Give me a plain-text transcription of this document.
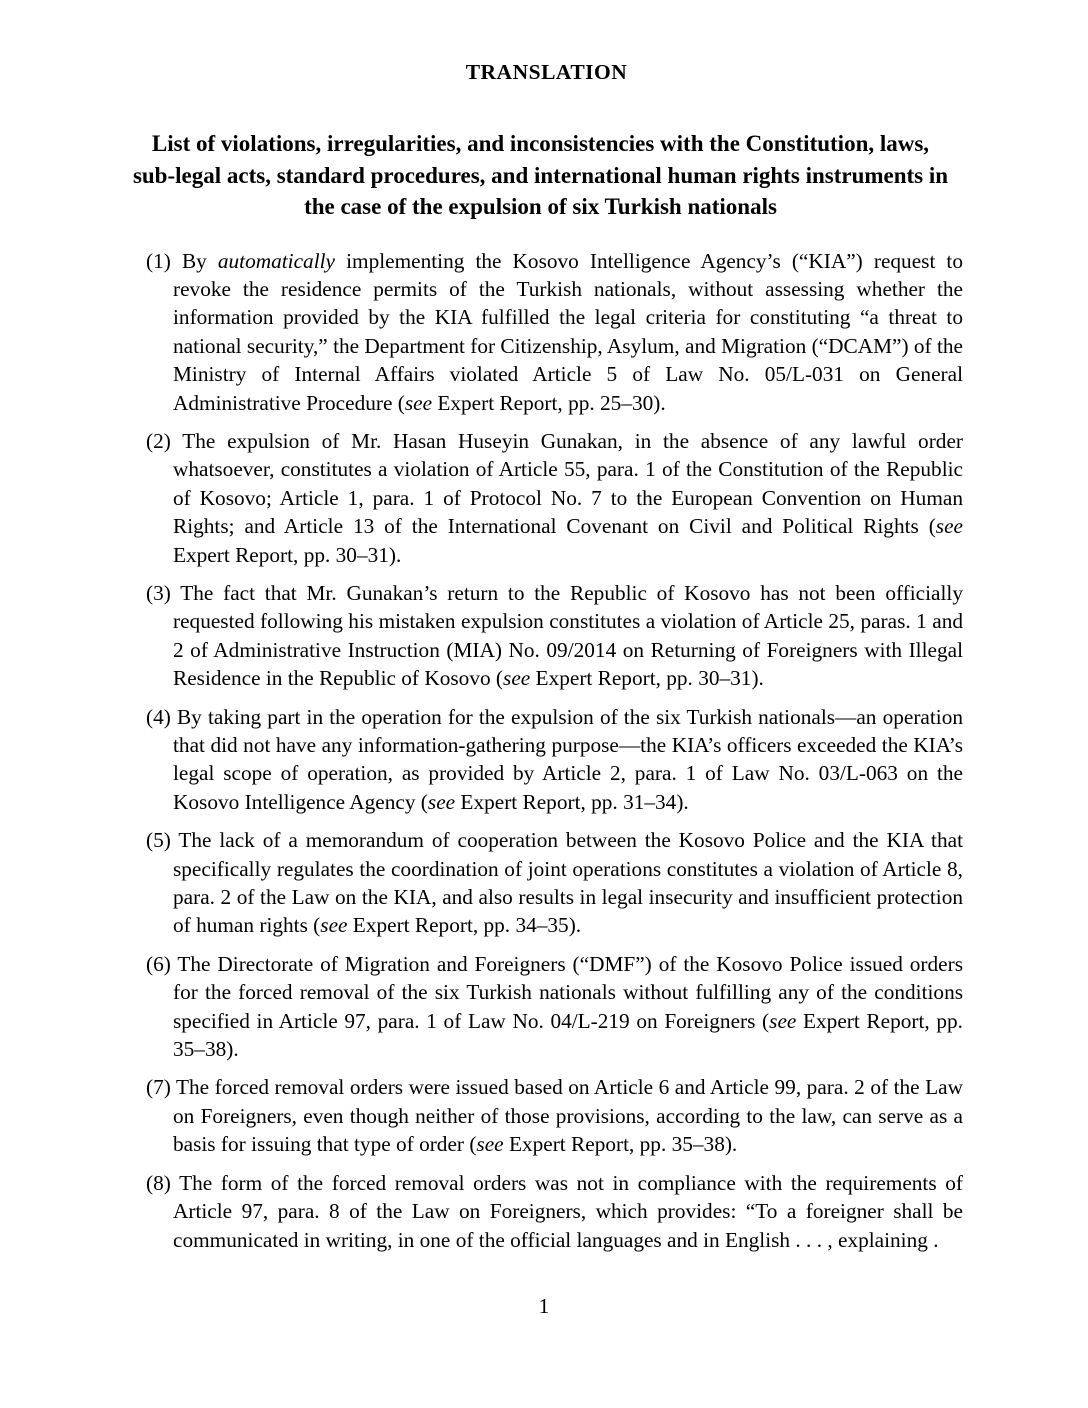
TRANSLATION
List of violations, irregularities, and inconsistencies with the Constitution, laws, sub-legal acts, standard procedures, and international human rights instruments in the case of the expulsion of six Turkish nationals
(1) By automatically implementing the Kosovo Intelligence Agency’s (“KIA”) request to revoke the residence permits of the Turkish nationals, without assessing whether the information provided by the KIA fulfilled the legal criteria for constituting “a threat to national security,” the Department for Citizenship, Asylum, and Migration (“DCAM”) of the Ministry of Internal Affairs violated Article 5 of Law No. 05/L-031 on General Administrative Procedure (see Expert Report, pp. 25–30).
(2) The expulsion of Mr. Hasan Huseyin Gunakan, in the absence of any lawful order whatsoever, constitutes a violation of Article 55, para. 1 of the Constitution of the Republic of Kosovo; Article 1, para. 1 of Protocol No. 7 to the European Convention on Human Rights; and Article 13 of the International Covenant on Civil and Political Rights (see Expert Report, pp. 30–31).
(3) The fact that Mr. Gunakan’s return to the Republic of Kosovo has not been officially requested following his mistaken expulsion constitutes a violation of Article 25, paras. 1 and 2 of Administrative Instruction (MIA) No. 09/2014 on Returning of Foreigners with Illegal Residence in the Republic of Kosovo (see Expert Report, pp. 30–31).
(4) By taking part in the operation for the expulsion of the six Turkish nationals—an operation that did not have any information-gathering purpose—the KIA’s officers exceeded the KIA’s legal scope of operation, as provided by Article 2, para. 1 of Law No. 03/L-063 on the Kosovo Intelligence Agency (see Expert Report, pp. 31–34).
(5) The lack of a memorandum of cooperation between the Kosovo Police and the KIA that specifically regulates the coordination of joint operations constitutes a violation of Article 8, para. 2 of the Law on the KIA, and also results in legal insecurity and insufficient protection of human rights (see Expert Report, pp. 34–35).
(6) The Directorate of Migration and Foreigners (“DMF”) of the Kosovo Police issued orders for the forced removal of the six Turkish nationals without fulfilling any of the conditions specified in Article 97, para. 1 of Law No. 04/L-219 on Foreigners (see Expert Report, pp. 35–38).
(7) The forced removal orders were issued based on Article 6 and Article 99, para. 2 of the Law on Foreigners, even though neither of those provisions, according to the law, can serve as a basis for issuing that type of order (see Expert Report, pp. 35–38).
(8) The form of the forced removal orders was not in compliance with the requirements of Article 97, para. 8 of the Law on Foreigners, which provides: “To a foreigner shall be communicated in writing, in one of the official languages and in English . . . , explaining .
1
